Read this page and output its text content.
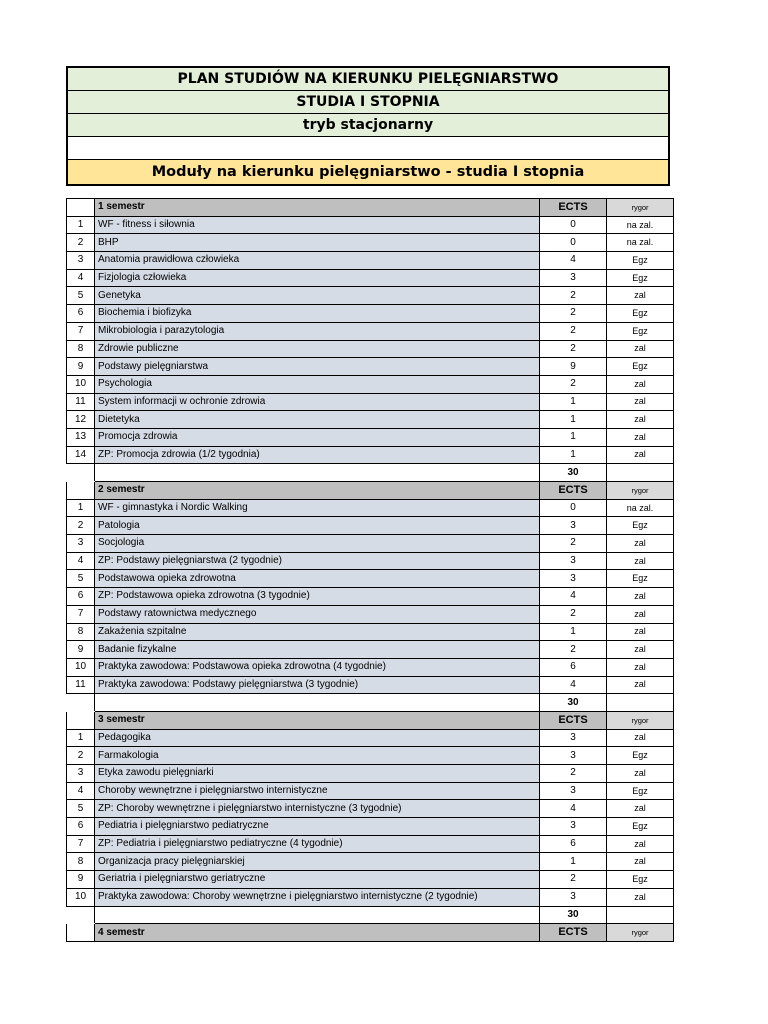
PLAN STUDIÓW NA KIERUNKU PIELĘGNIARSTWO
STUDIA I STOPNIA
tryb stacjonarny
Moduły na kierunku pielęgniarstwo - studia I stopnia
	1 semestr	ECTS	rygor
1	WF - fitness i siłownia	0	na zal.
2	BHP	0	na zal.
3	Anatomia prawidłowa człowieka	4	Egz
4	Fizjologia człowieka	3	Egz
5	Genetyka	2	zal
6	Biochemia i biofizyka	2	Egz
7	Mikrobiologia i parazytologia	2	Egz
8	Zdrowie publiczne	2	zal
9	Podstawy pielęgniarstwa	9	Egz
10	Psychologia	2	zal
11	System informacji w ochronie zdrowia	1	zal
12	Dietetyka	1	zal
13	Promocja zdrowia	1	zal
14	ZP: Promocja zdrowia (1/2 tygodnia)	1	zal
		30	
	2 semestr	ECTS	rygor
1	WF - gimnastyka i Nordic Walking	0	na zal.
2	Patologia	3	Egz
3	Socjologia	2	zal
4	ZP: Podstawy pielęgniarstwa (2 tygodnie)	3	zal
5	Podstawowa opieka zdrowotna	3	Egz
6	ZP: Podstawowa opieka zdrowotna (3 tygodnie)	4	zal
7	Podstawy ratownictwa medycznego	2	zal
8	Zakażenia szpitalne	1	zal
9	Badanie fizykalne	2	zal
10	Praktyka zawodowa: Podstawowa opieka zdrowotna (4 tygodnie)	6	zal
11	Praktyka zawodowa: Podstawy pielęgniarstwa (3 tygodnie)	4	zal
		30	
	3 semestr	ECTS	rygor
1	Pedagogika	3	zal
2	Farmakologia	3	Egz
3	Etyka zawodu pielęgniarki	2	zal
4	Choroby wewnętrzne i pielęgniarstwo internistyczne	3	Egz
5	ZP: Choroby wewnętrzne i pielęgniarstwo internistyczne (3 tygodnie)	4	zal
6	Pediatria i pielęgniarstwo pediatryczne	3	Egz
7	ZP: Pediatria i pielęgniarstwo pediatryczne (4 tygodnie)	6	zal
8	Organizacja pracy pielęgniarskiej	1	zal
9	Geriatria i pielęgniarstwo geriatryczne	2	Egz
10	Praktyka zawodowa: Choroby wewnętrzne i pielęgniarstwo internistyczne (2 tygodnie)	3	zal
		30	
	4 semestr	ECTS	rygor
